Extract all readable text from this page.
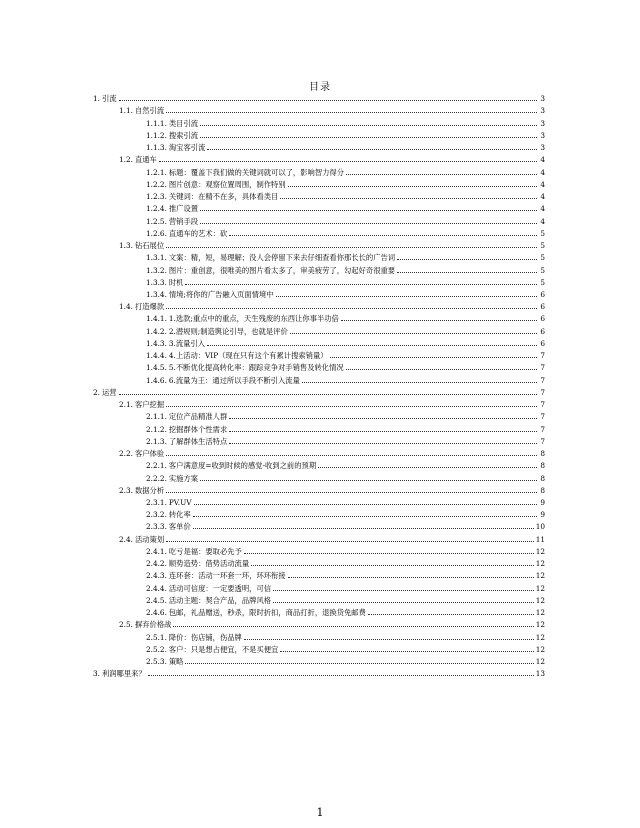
目录
1. 引流	3
1.1. 自然引流	3
1.1.1. 类目引流	3
1.1.2. 搜索引流	3
1.1.3. 淘宝客引流	3
1.2. 直通车	4
1.2.1. 标题：覆盖下我们做的关键词就可以了，影响智力得分	4
1.2.2. 图片创意：观察位置周围，制作特别	4
1.2.3. 关键词：在精不在多，具体看类目	4
1.2.4. 推广设置	4
1.2.5. 营销手段	4
1.2.6. 直通车的艺术：砍	5
1.3. 钻石展位	5
1.3.1. 文案：精，短，易理解；没人会停留下来去仔细查看你那长长的广告词	5
1.3.2. 图片：重创意，很唯美的图片看太多了，审美疲劳了，勾起好奇很重要	5
1.3.3. 时机	5
1.3.4. 情境;将你的广告融入页面情境中	6
1.4. 打造爆款	6
1.4.1. 1.选款;重点中的重点，天生残废的东西让你事半功倍	6
1.4.2. 2.潜规则;制造舆论引导，也就是评价	6
1.4.3. 3.流量引入	6
1.4.4. 4.上活动：VIP（现在只有这个有累计搜索销量）	7
1.4.5. 5.不断优化提高转化率：跟踪竞争对手销售及转化情况	7
1.4.6. 6.流量为王：通过所以手段不断引入流量	7
2. 运营	7
2.1. 客户挖掘	7
2.1.1. 定位产品精准人群	7
2.1.2. 挖掘群体个性需求	7
2.1.3. 了解群体生活特点	7
2.2. 客户体验	8
2.2.1. 客户满意度=收到时候的感觉-收到之前的预期	8
2.2.2. 实施方案	8
2.3. 数据分析	8
2.3.1. PV.UV	9
2.3.2. 转化率	9
2.3.3. 客单价	10
2.4. 活动策划	11
2.4.1. 吃亏是福：要取必先予	12
2.4.2. 顺势造势：借势活动流量	12
2.4.3. 连环套：活动一环套一环，环环衔接	12
2.4.4. 活动可信度：一定要透明，可信	12
2.4.5. 活动主题：契合产品，品牌风格	12
2.4.6. 包邮，礼品赠送，秒杀，限时折扣，商品打折，退换货免邮费	12
2.5. 摒弃价格战	12
2.5.1. 降价：伤店铺，伤品牌	12
2.5.2. 客户：只是想占便宜，不是买便宜	12
2.5.3. 策略	12
3. 利润哪里来？	13
1
